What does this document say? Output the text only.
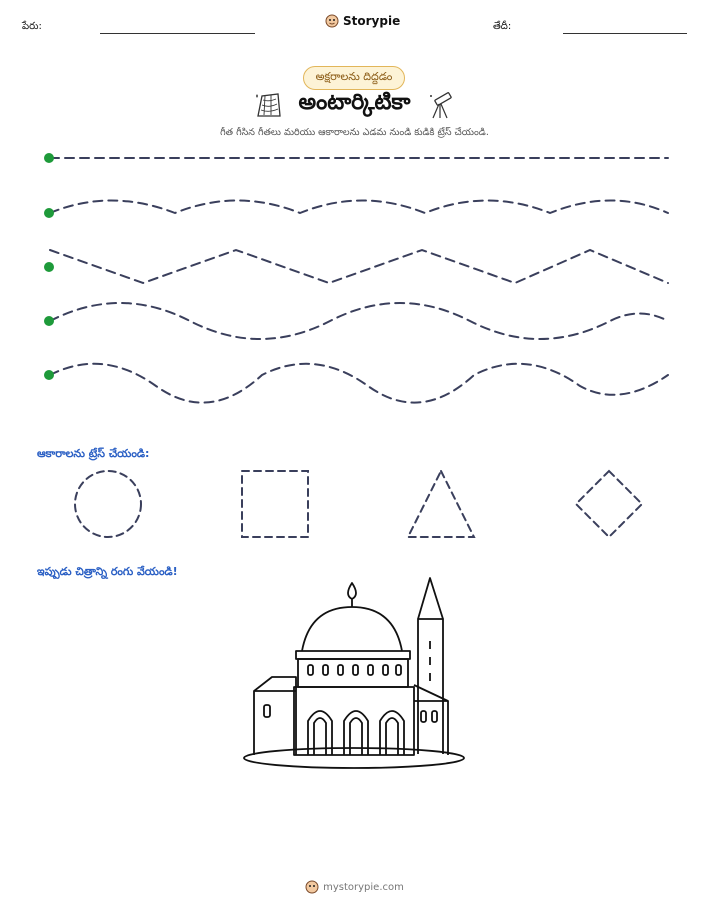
పేరు:	Storypie	తేదీ:
అక్షరాలను దిద్దడం
అంటార్కిటికా
గీత గీసిన గీతలు మరియు ఆకారాలను ఎడమ నుండి కుడికి ట్రేస్ చేయండి.
ఆకారాలను ట్రేస్ చేయండి:
ఇప్పుడు చిత్రాన్ని రంగు వేయండి!
mystorypie.com
